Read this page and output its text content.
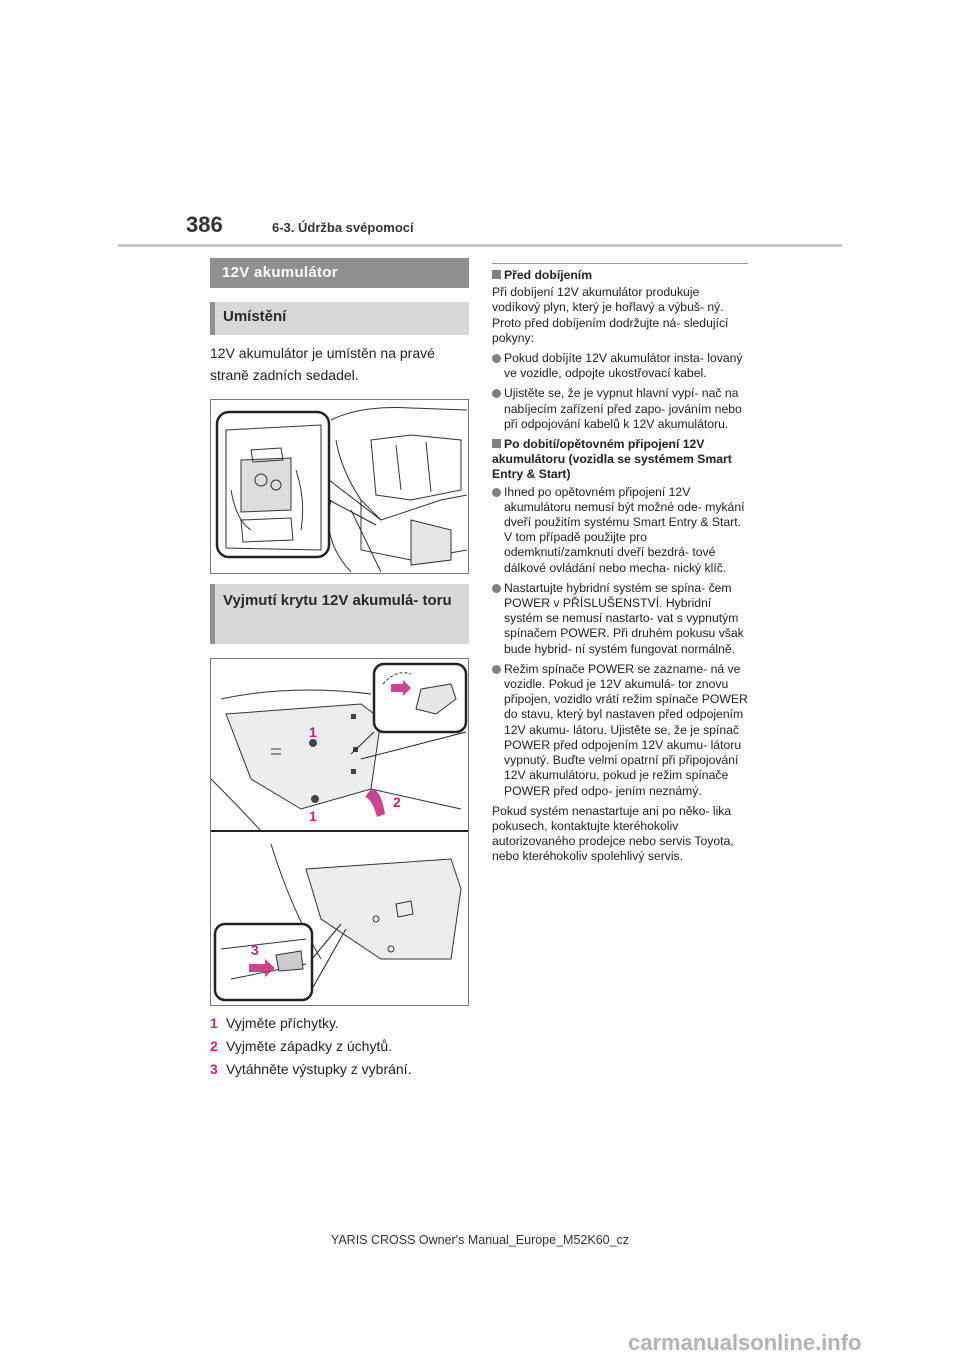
386	6-3. Údržba svépomocí
12V akumulátor
Umístění
12V akumulátor je umístěn na pravé straně zadních sedadel.
Vyjmutí krytu 12V akumulá- toru
1
1
2
3
1 Vyjměte příchytky.
2 Vyjměte západky z úchytů.
3 Vytáhněte výstupky z vybrání.
Před dobíjením
Při dobíjení 12V akumulátor produkuje vodíkový plyn, který je hořlavý a výbuš- ný. Proto před dobíjením dodržujte ná- sledující pokyny:
Pokud dobíjíte 12V akumulátor insta- lovaný ve vozidle, odpojte ukostřovací kabel.
Ujistěte se, že je vypnut hlavní vypí- nač na nabíjecím zařízení před zapo- jováním nebo při odpojování kabelů k 12V akumulátoru.
Po dobití/opětovném připojení 12V akumulátoru (vozidla se systémem Smart Entry & Start)
Ihned po opětovném připojení 12V akumulátoru nemusí být možné ode- mykání dveří použitím systému Smart Entry & Start. V tom případě použijte pro odemknutí/zamknutí dveří bezdrá- tové dálkové ovládání nebo mecha- nický klíč.
Nastartujte hybridní systém se spína- čem POWER v PŘÍSLUŠENSTVÍ. Hybridní systém se nemusí nastarto- vat s vypnutým spínačem POWER. Při druhém pokusu však bude hybrid- ní systém fungovat normálně.
Režim spínače POWER se zazname- ná ve vozidle. Pokud je 12V akumulá- tor znovu připojen, vozidlo vrátí režim spínače POWER do stavu, který byl nastaven před odpojením 12V akumu- látoru. Ujistěte se, že je spínač POWER před odpojením 12V akumu- látoru vypnutý. Buďte velmi opatrní při připojování 12V akumulátoru, pokud je režim spínače POWER před odpo- jením neznámý.
Pokud systém nenastartuje ani po něko- lika pokusech, kontaktujte kteréhokoliv autorizovaného prodejce nebo servis Toyota, nebo kteréhokoliv spolehlivý servis.
YARIS CROSS Owner's Manual_Europe_M52K60_cz
carmanualsonline.info
